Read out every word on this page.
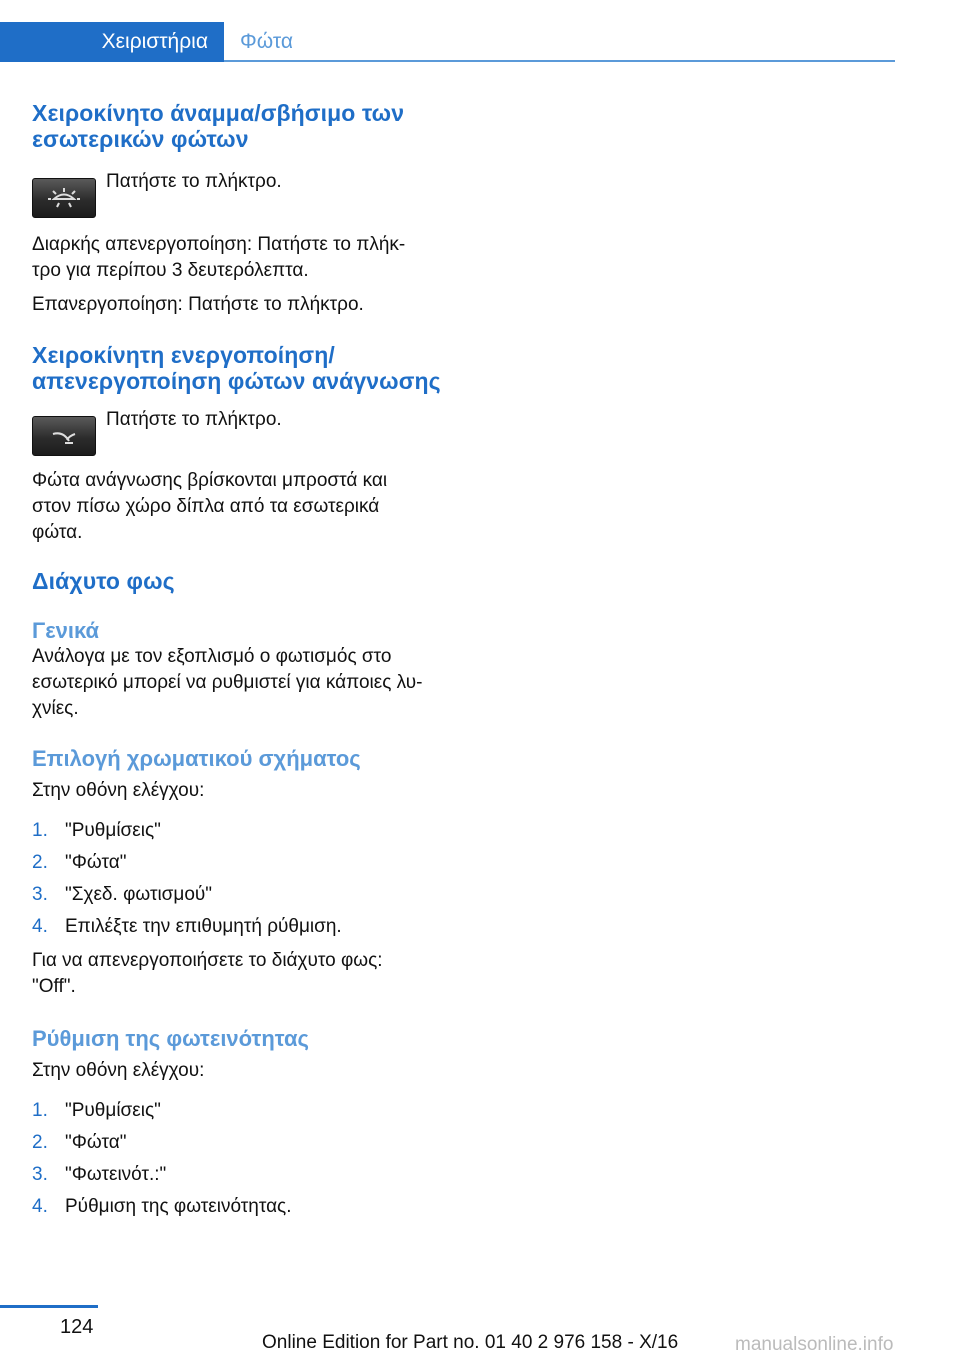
Χειριστήρια	Φώτα
Χειροκίνητο άναμμα/σβήσιμο των
εσωτερικών φώτων

Πατήστε το πλήκτρο.

Διαρκής απενεργοποίηση: Πατήστε το πλήκ‐
τρο για περίπου 3 δευτερόλεπτα.

Επανεργοποίηση: Πατήστε το πλήκτρο.

Χειροκίνητη ενεργοποίηση/
απενεργοποίηση φώτων ανάγνωσης

Πατήστε το πλήκτρο.

Φώτα ανάγνωσης βρίσκονται μπροστά και
στον πίσω χώρο δίπλα από τα εσωτερικά
φώτα.

Διάχυτο φως
Γενικά

Ανάλογα με τον εξοπλισμό ο φωτισμός στο
εσωτερικό μπορεί να ρυθμιστεί για κάποιες λυ‐
χνίες.

Επιλογή χρωματικού σχήματος

Στην οθόνη ελέγχου:

1. "Ρυθμίσεις"
2. "Φώτα"
3. "Σχεδ. φωτισμού"
4. Επιλέξτε την επιθυμητή ρύθμιση.

Για να απενεργοποιήσετε το διάχυτο φως:
"Off".

Ρύθμιση της φωτεινότητας

Στην οθόνη ελέγχου:

1. "Ρυθμίσεις"
2. "Φώτα"
3. "Φωτεινότ.:"
4. Ρύθμιση της φωτεινότητας.
124
Online Edition for Part no. 01 40 2 976 158 - X/16	manualsonline.info
